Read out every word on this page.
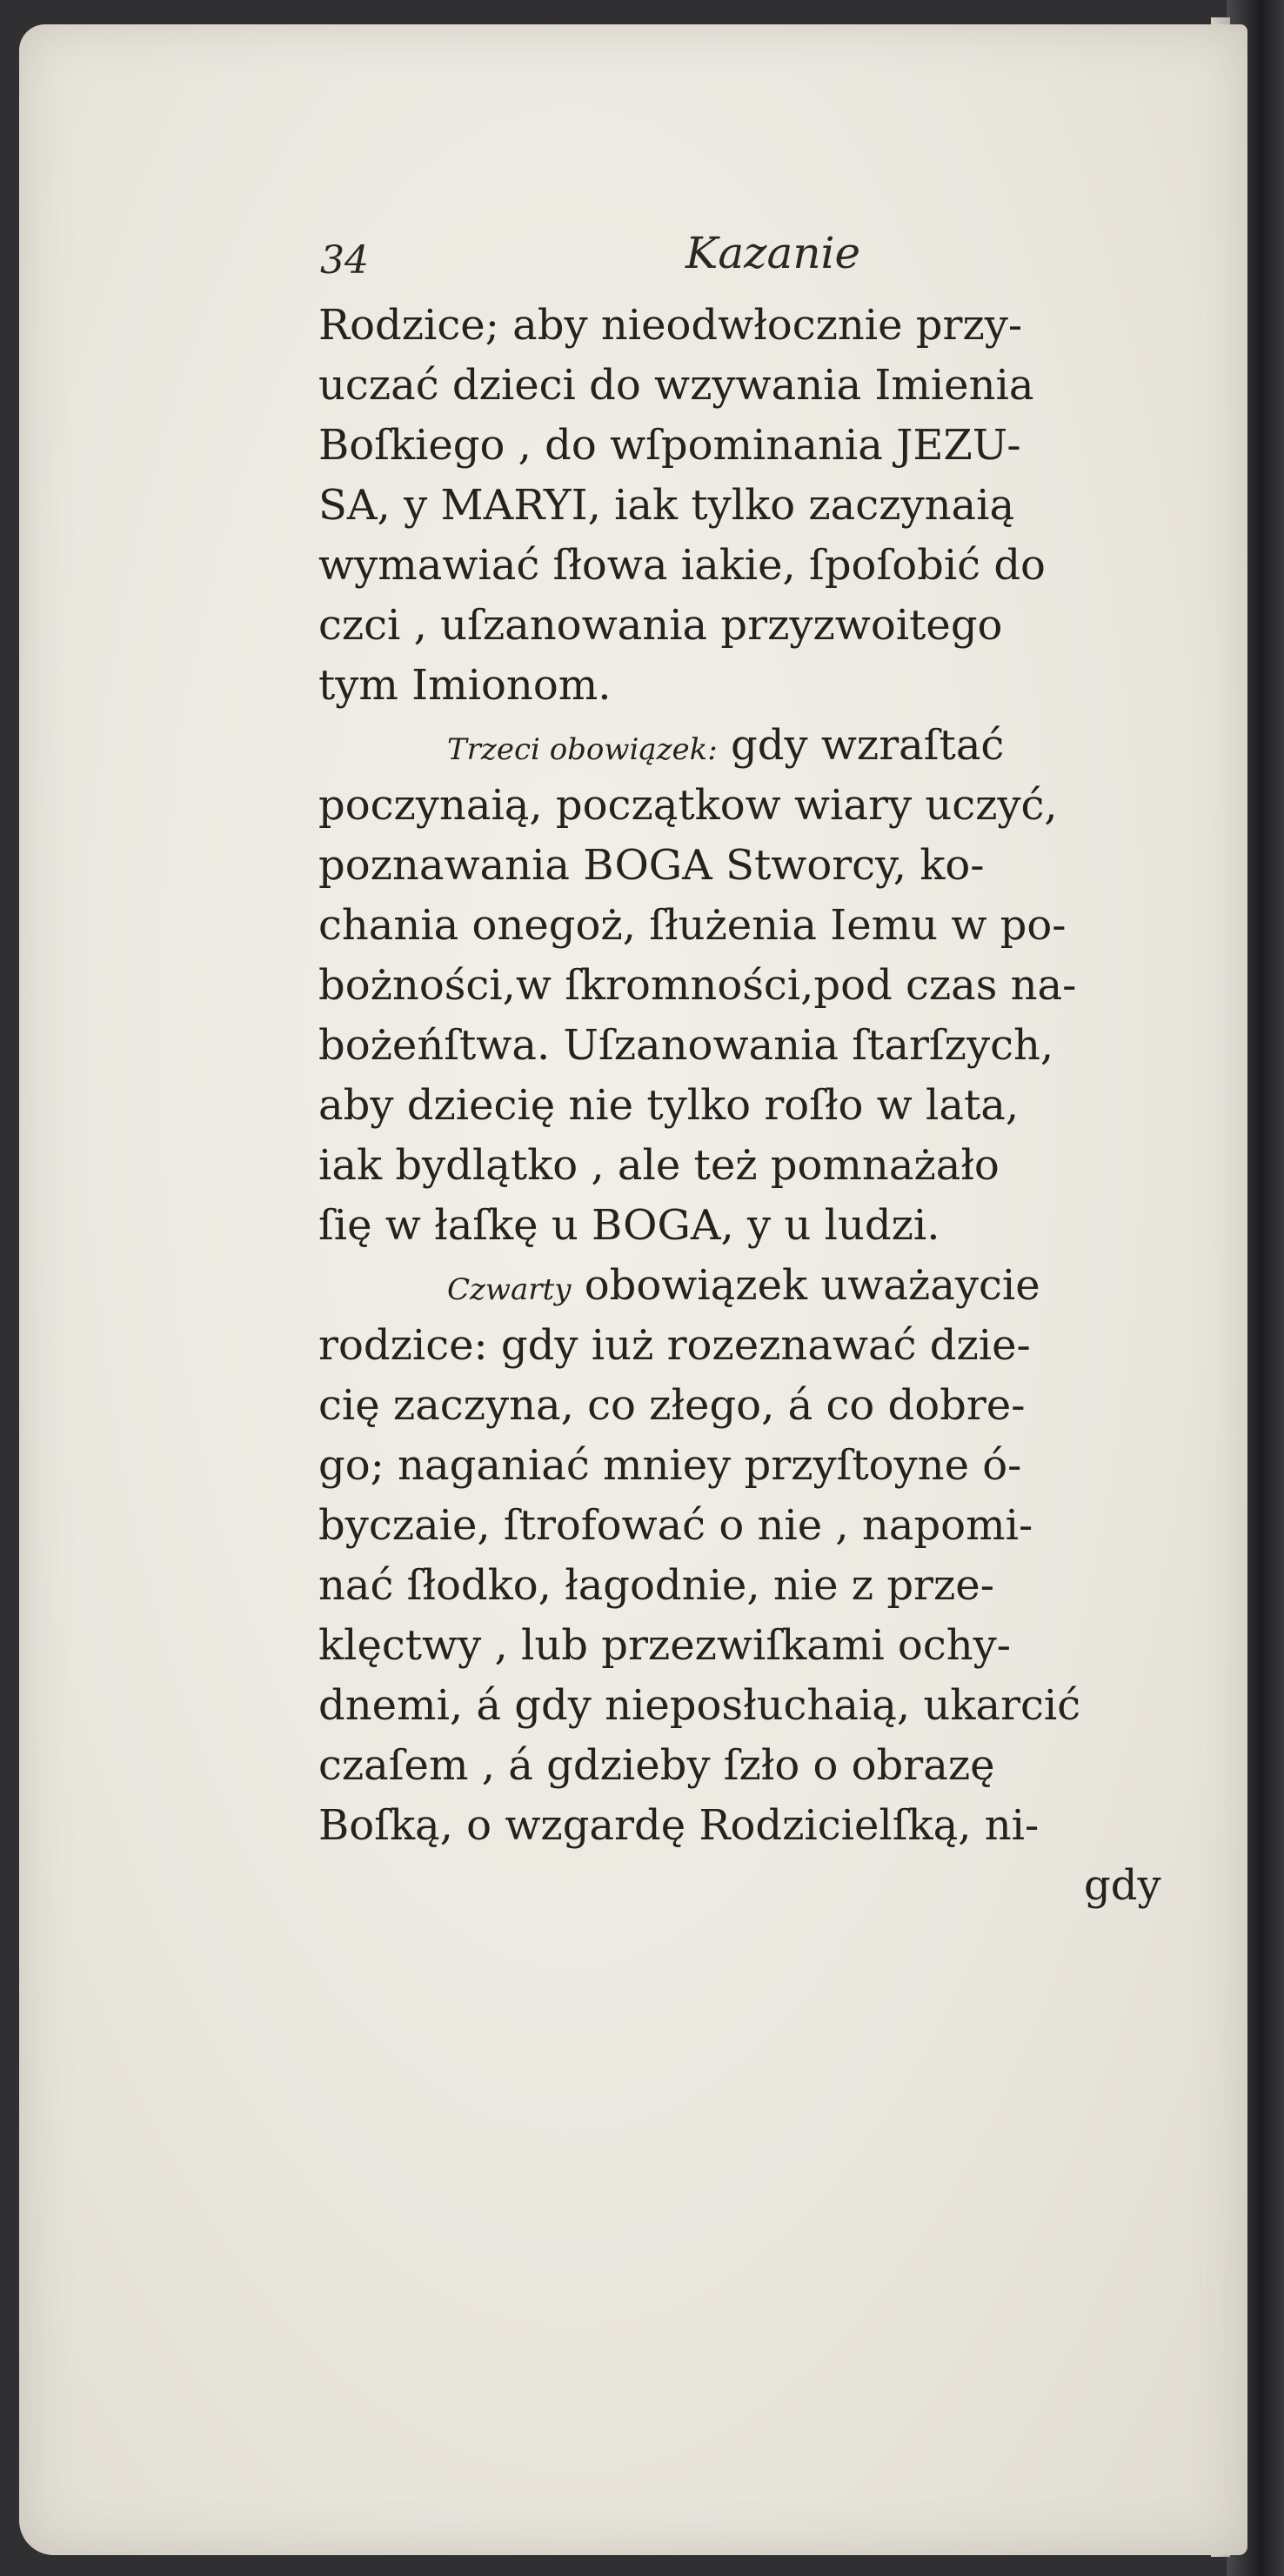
34	Kazanie
Rodzice; aby nieodwłocznie przy-
uczać dzieci do wzywania Imienia
Boſkiego , do wſpominania JEZU-
SA, y MARYI, iak tylko zaczynaią
wymawiać ſłowa iakie, ſpoſobić do
czci , uſzanowania przyzwoitego
tym Imionom.
Trzeci obowiązek: gdy wzraſtać
poczynaią, początkow wiary uczyć,
poznawania BOGA Stworcy, ko-
chania onegoż, ſłużenia Iemu w po-
bożności,w ſkromności,pod czas na-
bożeńſtwa. Uſzanowania ſtarſzych,
aby dziecię nie tylko roſło w lata,
iak bydlątko , ale też pomnażało
ſię w łaſkę u BOGA, y u ludzi.
Czwarty obowiązek uważaycie
rodzice: gdy iuż rozeznawać dzie-
cię zaczyna, co złego, á co dobre-
go; naganiać mniey przyſtoyne ó-
byczaie, ſtrofować o nie , napomi-
nać ſłodko, łagodnie, nie z prze-
klęctwy , lub przezwiſkami ochy-
dnemi, á gdy nieposłuchaią, ukarcić
czaſem , á gdzieby ſzło o obrazę
Boſką, o wzgardę Rodzicielſką, ni-
gdy
